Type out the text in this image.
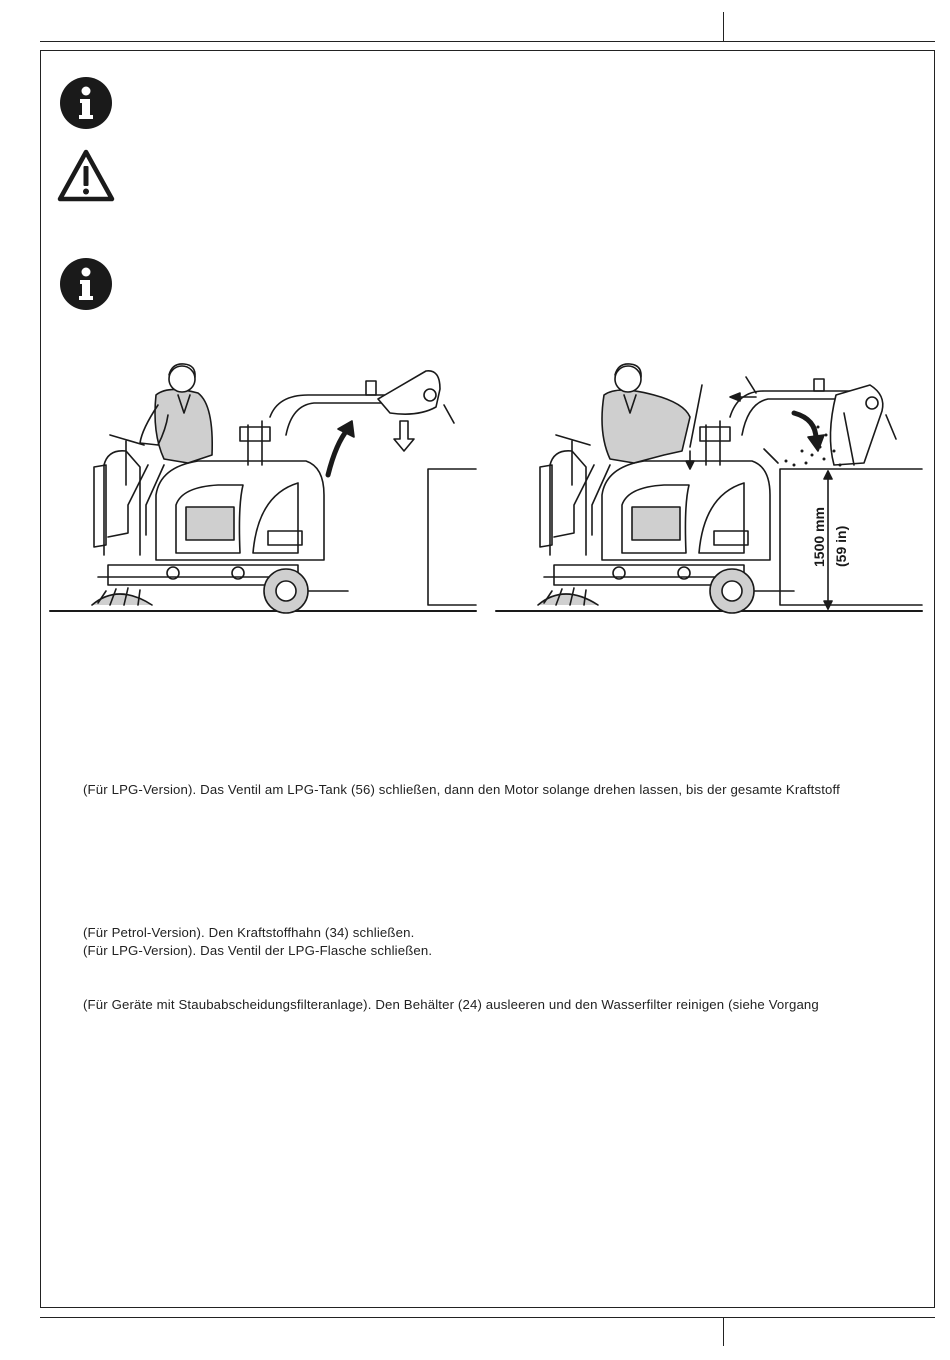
1500 mm (59 in)
(Für LPG-Version). Das Ventil am LPG-Tank (56) schließen, dann den Motor solange drehen lassen, bis der gesamte Kraftstoff
(Für Petrol-Version). Den Kraftstoffhahn (34) schließen.
(Für LPG-Version). Das Ventil der LPG-Flasche schließen.
(Für Geräte mit Staubabscheidungsfilteranlage). Den Behälter (24) ausleeren und den Wasserfilter reinigen (siehe Vorgang
